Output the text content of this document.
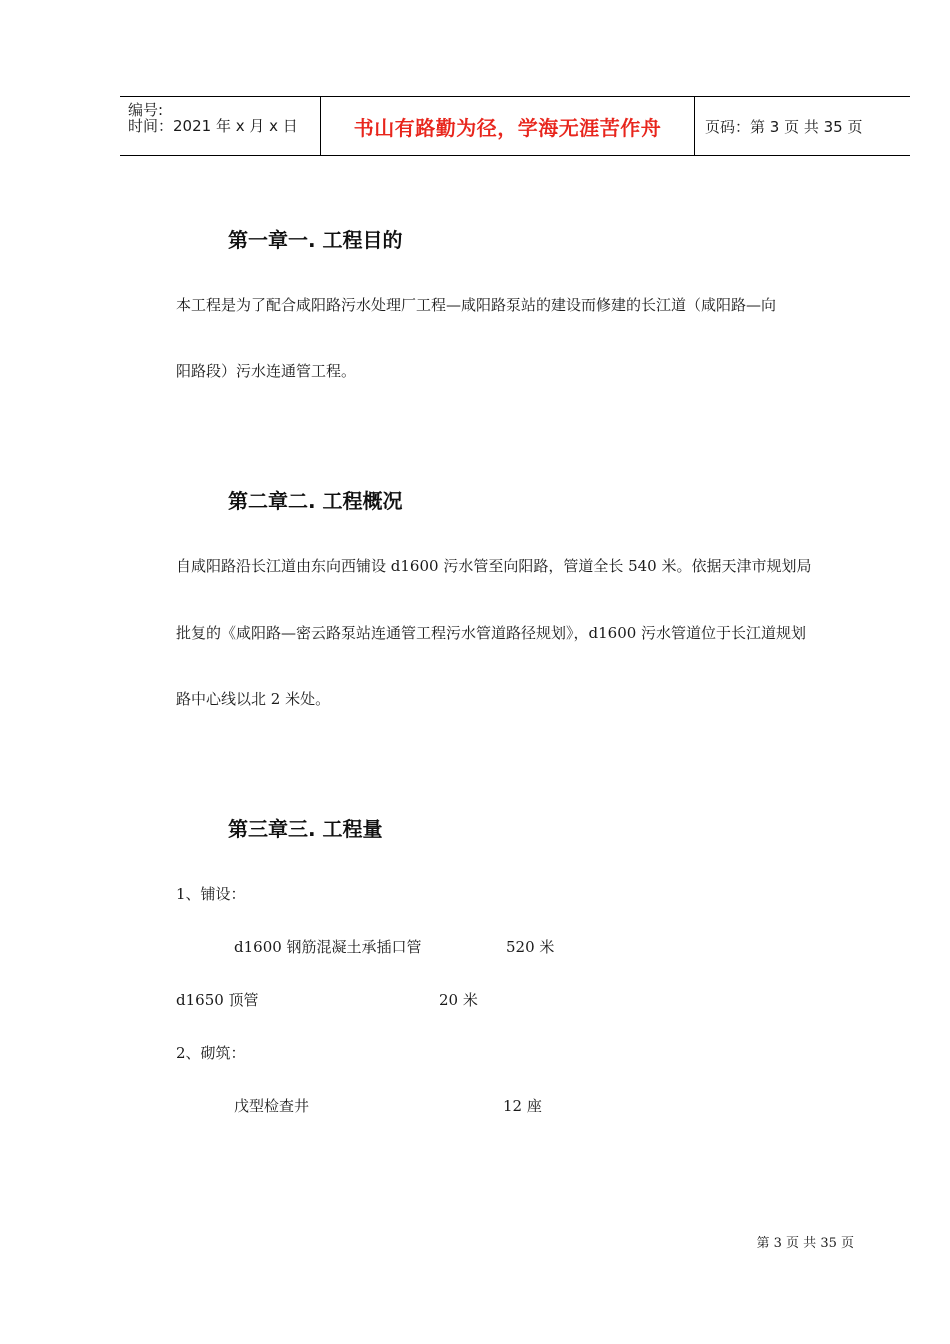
编号:
时间：2021 年 x 月 x 日	书山有路勤为径，学海无涯苦作舟	页码：第 3 页 共 35 页
第一章一. 工程目的
本工程是为了配合咸阳路污水处理厂工程—咸阳路泵站的建设而修建的长江道（咸阳路—向
阳路段）污水连通管工程。
第二章二. 工程概况
自咸阳路沿长江道由东向西铺设 d1600 污水管至向阳路，管道全长 540 米。依据天津市规划局
批复的《咸阳路—密云路泵站连通管工程污水管道路径规划》，d1600 污水管道位于长江道规划
路中心线以北 2 米处。
第三章三. 工程量
1、铺设：
d1600 钢筋混凝土承插口管	520 米
d1650 顶管	20 米
2、砌筑：
戊型检查井	12 座
第 3 页 共 35 页
